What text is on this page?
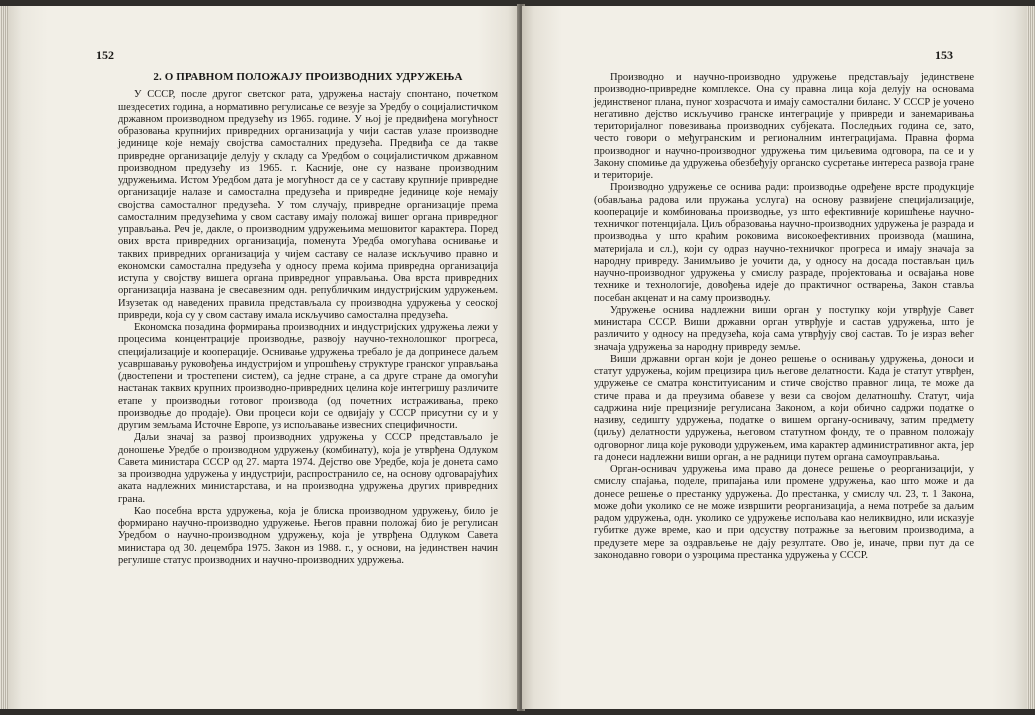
152	153
2. О ПРАВНОМ ПОЛОЖАЈУ ПРОИЗВОДНИХ УДРУЖЕЊА

У СССР, после другог светског рата, удружења настају спонтано, почетком шездесетих година, а нормативно регулисање се везује за Уредбу о социјалистичком државном производном предузећу из 1965. године. У њој је предвиђена могућност образовања крупнијих привредних организација у чији састав улазе производне јединице које немају својства самосталних предузећа. Предвиђа се да такве привредне организације делују у складу са Уредбом о социјалистичком државном производном предузећу из 1965. г. Касније, оне су назване производним удружењима. Истом Уредбом дата је могућност да се у саставу крупније привредне организације налазе и самостална предузећа и привредне јединице које немају својства самосталног предузећа. У том случају, привредне организације према самосталним предузећима у свом саставу имају положај вишег органа привредног управљања. Реч је, дакле, о производним удружењима мешовитог карактера. Поред ових врста привредних организација, поменута Уредба омогућава оснивање и таквих привредних организација у чијем саставу се налазе искључиво правно и економски самостална предузећа у односу према којима привредна организација иступа у својству вишега органа привредног управљања. Ова врста привредних организација названа је свесавезним одн. републичким индустријским удружењем. Изузетак од наведених правила представљала су производна удружења у сеоској привреди, која су у свом саставу имала искључиво самостална предузећа.

Економска позадина формирања производних и индустријских удружења лежи у процесима концентрације производње, развоју научно-технолошког прогреса, специјализације и кооперације. Оснивање удружења требало је да допринесе даљем усавршавању руковођења индустријом и упрошћењу структуре гранског управљања (двостепени и тростепени систем), са једне стране, а са друге стране да омогући настанак таквих крупних производно-привредних целина које интегришу различите етапе у производњи готовог производа (од почетних истраживања, преко производње до продаје). Ови процеси који се одвијају у СССР присутни су и у другим земљама Источне Европе, уз испољавање извесних специфичности.

Даљи значај за развој производних удружења у СССР представљало је доношење Уредбе о производном удружењу (комбинату), која је утврђена Одлуком Савета министара СССР од 27. марта 1974. Дејство ове Уредбе, која је донета само за производна удружења у индустрији, распространило се, на основу одговарајућих аката надлежних министарстава, и на производна удружења других привредних грана.

Као посебна врста удружења, која је блиска производном удружењу, било је формирано научно-производно удружење. Његов правни положај био је регулисан Уредбом о научно-производном удружењу, која је утврђена Одлуком Савета министара од 30. децембра 1975. Закон из 1988. г., у основи, на јединствен начин регулише статус производних и научно-производних удружења.

Производно и научно-производно удружење представљају јединствене производно-привредне комплексе. Она су правна лица која делују на основама јединственог плана, пуног хозрасчота и имају самостални биланс. У СССР је уочено негативно дејство искључиво гранске интеграције у привреди и занемаривања територијалног повезивања производних субјеката. Последњих година се, зато, често говори о међугранским и регионалним интеграцијама. Правна форма производног и научно-производног удружења тим циљевима одговора, па се и у Закону спомиње да удружења обезбеђују органско сусретање интереса развоја гране и територије.

Производно удружење се оснива ради: производње одређене врсте продукције (обављања радова или пружања услуга) на основу развијене специјализације, кооперације и комбиновања производње, уз што ефективније коришћење научно-техничког потенцијала. Циљ образовања научно-производних удружења је разрада и производња у што краћим роковима високоефективних производа (машина, материјала и сл.), који су одраз научно-техничког прогреса и имају значаја за народну привреду. Занимљиво је уочити да, у односу на досада постављан циљ научно-производног удружења у смислу разраде, пројектовања и освајања нове технике и технологије, довођења идеје до практичног остварења, Закон ставља посебан акценат и на саму производњу.

Удружење оснива надлежни виши орган у поступку који утврђује Савет министара СССР. Виши државни орган утврђује и састав удружења, што је различито у односу на предузећа, која сама утврђују свој састав. То је израз већег значаја удружења за народну привреду земље.

Виши државни орган који је донео решење о оснивању удружења, доноси и статут удружења, којим прецизира циљ његове делатности. Када је статут утврђен, удружење се сматра конституисаним и стиче својство правног лица, те може да стиче права и да преузима обавезе у вези са својом делатношћу. Статут, чија садржина није прецизније регулисана Законом, а који обично садржи податке о називу, седишту удружења, податке о вишем органу-оснивачу, затим предмету (циљу) делатности удружења, његовом статутном фонду, те о правном положају одговорног лица које руководи удружењем, има карактер административног акта, јер га донеси надлежни виши орган, а не радници путем органа самоуправљања.

Орган-оснивач удружења има право да донесе решење о реорганизацији, у смислу спајања, поделе, припајања или промене удружења, као што може и да донесе решење о престанку удружења. До престанка, у смислу чл. 23, т. 1 Закона, може доћи уколико се не може извршити реорганизација, а нема потребе за даљим радом удружења, одн. уколико се удружење испољава као неликвидно, или исказује губитке дуже време, као и при одсуству потражње за његовим производима, а предузете мере за оздрављење не дају резултате. Ово је, иначе, први пут да се законодавно говори о узроцима престанка удружења у СССР.
